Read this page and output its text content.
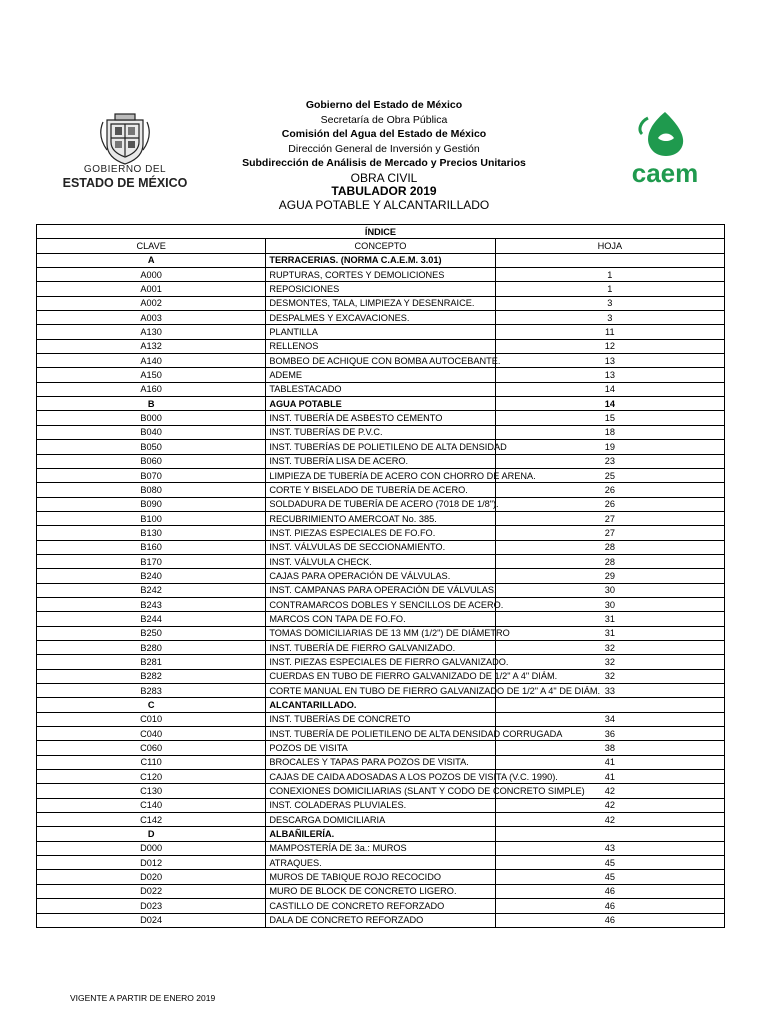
Gobierno del Estado de México
Secretaría de Obra Pública
Comisión del Agua del Estado de México
Dirección General de Inversión y Gestión
Subdirección de Análisis de Mercado y Precios Unitarios
OBRA CIVIL
TABULADOR 2019
AGUA POTABLE Y ALCANTARILLADO
GOBIERNO DEL
ESTADO DE MÉXICO	caem
ÍNDICE		
CLAVE	CONCEPTO	HOJA
A	TERRACERIAS. (NORMA C.A.E.M. 3.01)	
A000	RUPTURAS, CORTES Y DEMOLICIONES	1
A001	REPOSICIONES	1
A002	DESMONTES, TALA, LIMPIEZA Y DESENRAICE.	3
A003	DESPALMES Y EXCAVACIONES.	3
A130	PLANTILLA	11
A132	RELLENOS	12
A140	BOMBEO DE ACHIQUE CON BOMBA AUTOCEBANTE.	13
A150	ADEME	13
A160	TABLESTACADO	14
B	AGUA POTABLE	14
B000	INST. TUBERÍA DE ASBESTO CEMENTO	15
B040	INST. TUBERÍAS DE P.V.C.	18
B050	INST. TUBERÍAS DE POLIETILENO DE ALTA DENSIDAD	19
B060	INST. TUBERÍA LISA DE ACERO.	23
B070	LIMPIEZA DE TUBERÍA DE ACERO CON CHORRO DE ARENA.	25
B080	CORTE Y BISELADO DE TUBERÍA DE ACERO.	26
B090	SOLDADURA DE TUBERÍA DE ACERO (7018 DE 1/8").	26
B100	RECUBRIMIENTO AMERCOAT No. 385.	27
B130	INST. PIEZAS ESPECIALES DE FO.FO.	27
B160	INST. VÁLVULAS DE SECCIONAMIENTO.	28
B170	INST. VÁLVULA CHECK.	28
B240	CAJAS PARA OPERACIÓN DE VÁLVULAS.	29
B242	INST. CAMPANAS PARA OPERACIÓN DE VÁLVULAS.	30
B243	CONTRAMARCOS DOBLES Y SENCILLOS DE ACERO.	30
B244	MARCOS CON TAPA DE FO.FO.	31
B250	TOMAS DOMICILIARIAS DE 13 MM (1/2") DE DIÁMETRO	31
B280	INST. TUBERÍA DE FIERRO GALVANIZADO.	32
B281	INST. PIEZAS ESPECIALES DE FIERRO GALVANIZADO.	32
B282	CUERDAS EN TUBO DE FIERRO GALVANIZADO DE 1/2" A 4" DIÁM.	32
B283	CORTE MANUAL EN TUBO DE FIERRO GALVANIZADO DE 1/2" A 4" DE DIÁM.	33
C	ALCANTARILLADO.	
C010	INST. TUBERÍAS DE CONCRETO	34
C040	INST. TUBERÍA DE POLIETILENO DE ALTA DENSIDAD CORRUGADA	36
C060	POZOS DE VISITA	38
C110	BROCALES Y TAPAS PARA POZOS DE VISITA.	41
C120	CAJAS DE CAIDA ADOSADAS A LOS POZOS DE VISITA (V.C. 1990).	41
C130	CONEXIONES DOMICILIARIAS (SLANT Y CODO DE CONCRETO SIMPLE)	42
C140	INST. COLADERAS PLUVIALES.	42
C142	DESCARGA DOMICILIARIA	42
D	ALBAÑILERÍA.	
D000	MAMPOSTERÍA DE 3a.: MUROS	43
D012	ATRAQUES.	45
D020	MUROS DE TABIQUE ROJO RECOCIDO	45
D022	MURO DE BLOCK DE CONCRETO LIGERO.	46
D023	CASTILLO DE CONCRETO REFORZADO	46
D024	DALA DE CONCRETO REFORZADO	46
VIGENTE A PARTIR DE ENERO 2019
